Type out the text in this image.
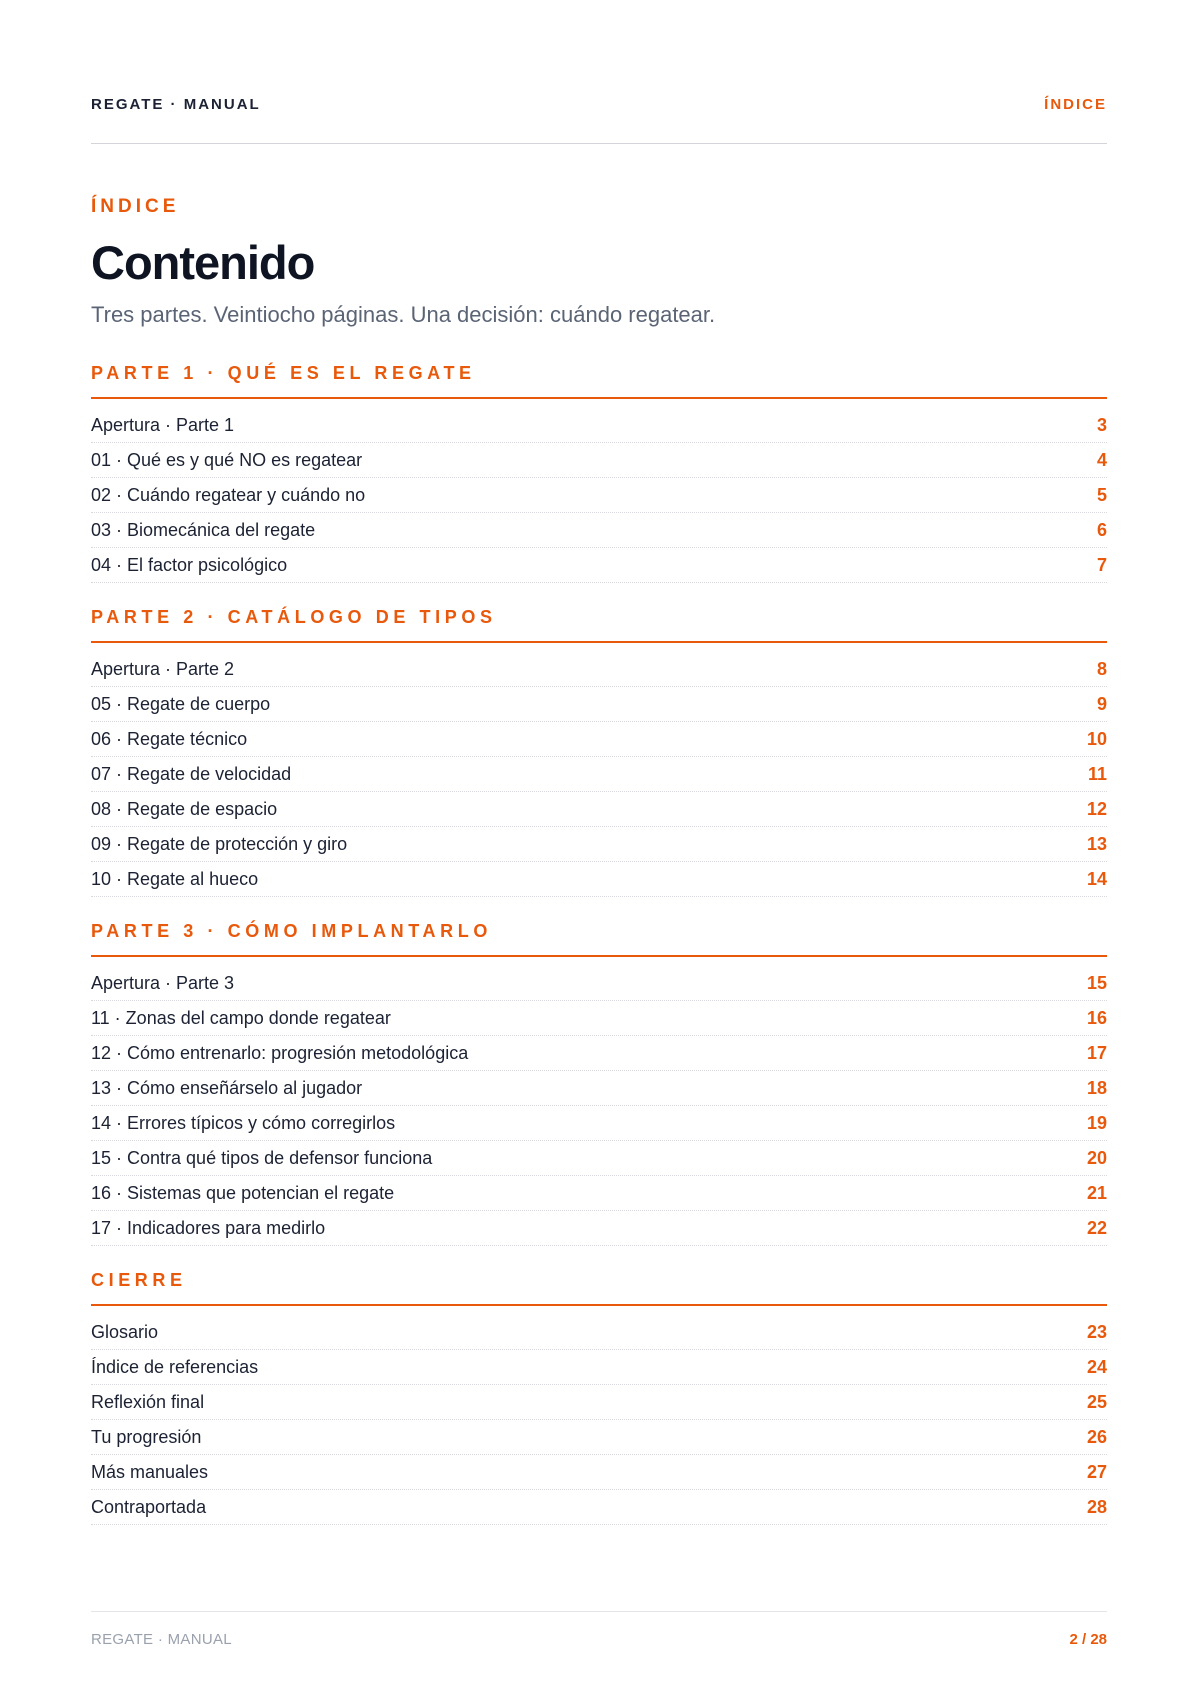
REGATE · MANUAL	ÍNDICE
ÍNDICE
Contenido
Tres partes. Veintiocho páginas. Una decisión: cuándo regatear.
PARTE 1 · QUÉ ES EL REGATE
Apertura · Parte 1	3
01 · Qué es y qué NO es regatear	4
02 · Cuándo regatear y cuándo no	5
03 · Biomecánica del regate	6
04 · El factor psicológico	7
PARTE 2 · CATÁLOGO DE TIPOS
Apertura · Parte 2	8
05 · Regate de cuerpo	9
06 · Regate técnico	10
07 · Regate de velocidad	11
08 · Regate de espacio	12
09 · Regate de protección y giro	13
10 · Regate al hueco	14
PARTE 3 · CÓMO IMPLANTARLO
Apertura · Parte 3	15
11 · Zonas del campo donde regatear	16
12 · Cómo entrenarlo: progresión metodológica	17
13 · Cómo enseñárselo al jugador	18
14 · Errores típicos y cómo corregirlos	19
15 · Contra qué tipos de defensor funciona	20
16 · Sistemas que potencian el regate	21
17 · Indicadores para medirlo	22
CIERRE
Glosario	23
Índice de referencias	24
Reflexión final	25
Tu progresión	26
Más manuales	27
Contraportada	28
REGATE · MANUAL	2 / 28
